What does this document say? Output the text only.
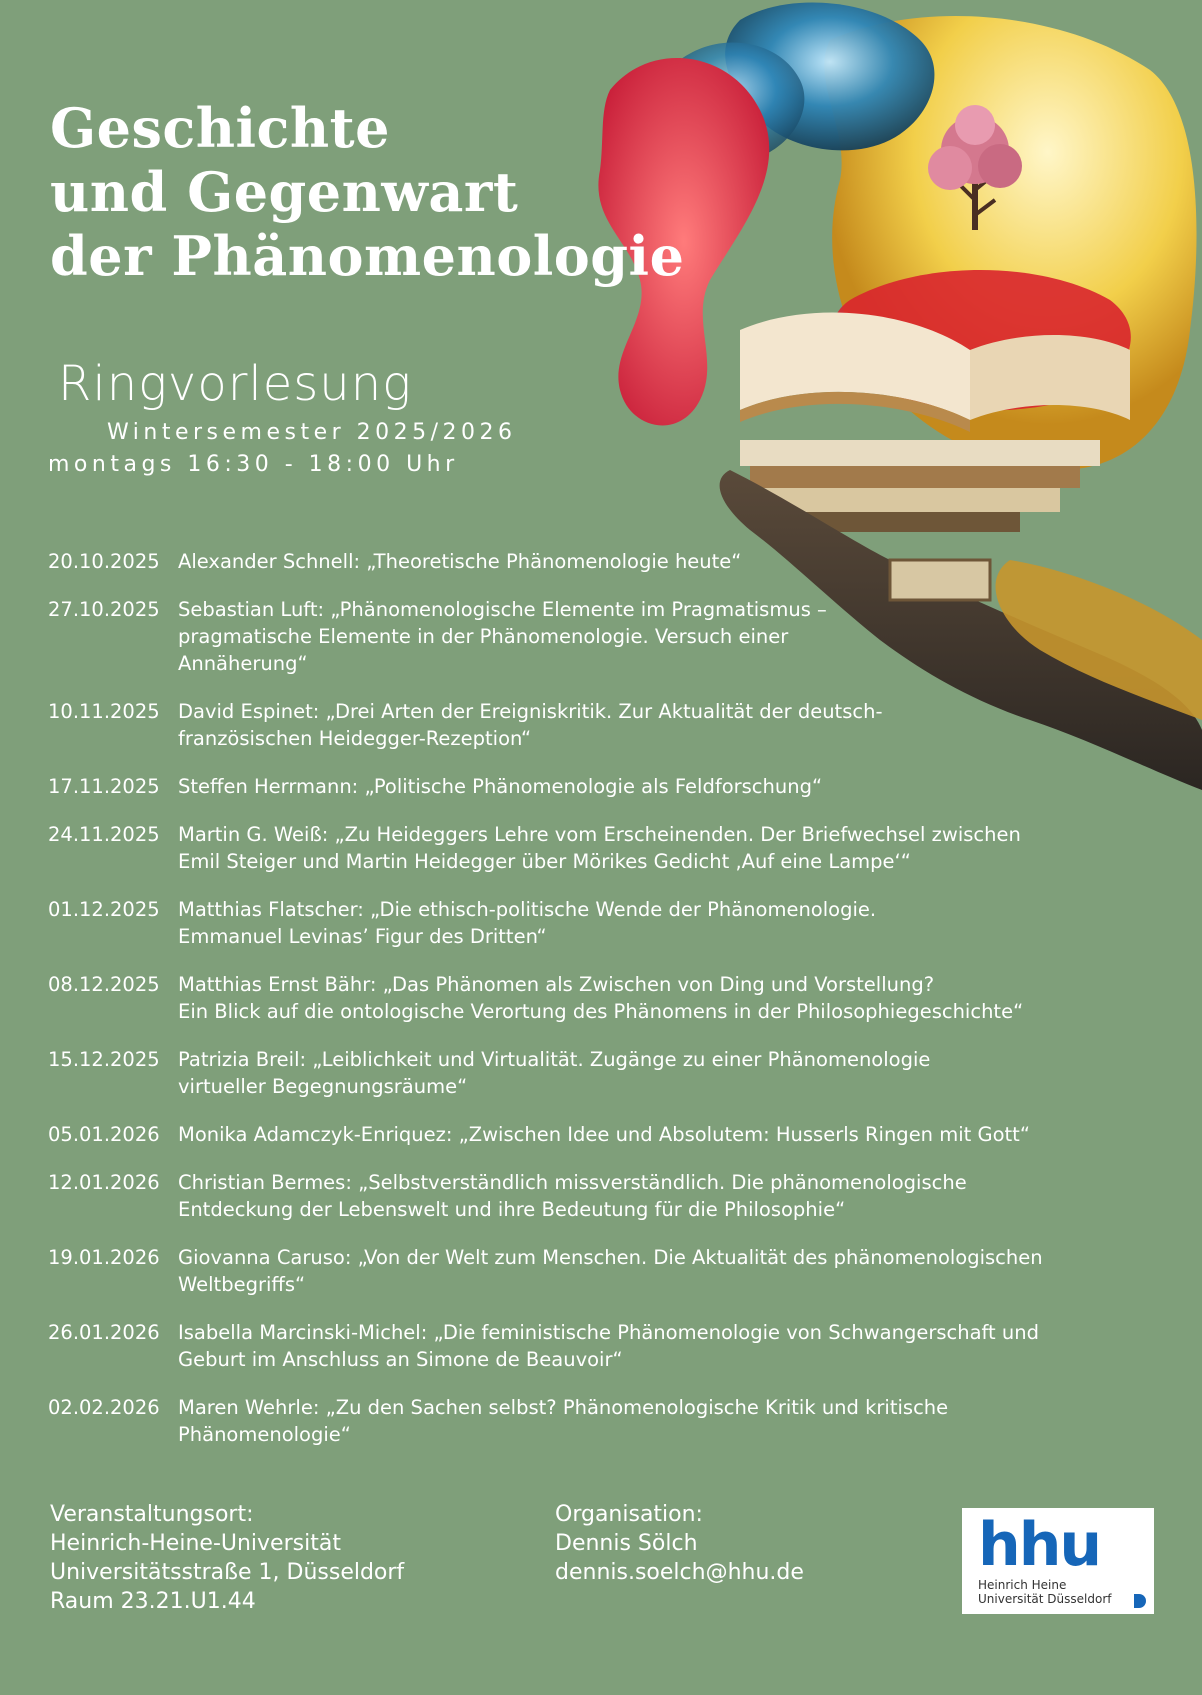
Geschichte
und Gegenwart
der Phänomenologie
Ringvorlesung
Wintersemester 2025/2026
montags 16:30 - 18:00 Uhr
20.10.2025 Alexander Schnell: „Theoretische Phänomenologie heute“
27.10.2025 Sebastian Luft: „Phänomenologische Elemente im Pragmatismus –
pragmatische Elemente in der Phänomenologie. Versuch einer
Annäherung“
10.11.2025 David Espinet: „Drei Arten der Ereigniskritik. Zur Aktualität der deutsch-
französischen Heidegger-Rezeption“
17.11.2025 Steffen Herrmann: „Politische Phänomenologie als Feldforschung“
24.11.2025 Martin G. Weiß: „Zu Heideggers Lehre vom Erscheinenden. Der Briefwechsel zwischen
Emil Steiger und Martin Heidegger über Mörikes Gedicht ‚Auf eine Lampe‘“
01.12.2025 Matthias Flatscher: „Die ethisch-politische Wende der Phänomenologie.
Emmanuel Levinas’ Figur des Dritten“
08.12.2025 Matthias Ernst Bähr: „Das Phänomen als Zwischen von Ding und Vorstellung?
Ein Blick auf die ontologische Verortung des Phänomens in der Philosophiegeschichte“
15.12.2025 Patrizia Breil: „Leiblichkeit und Virtualität. Zugänge zu einer Phänomenologie
virtueller Begegnungsräume“
05.01.2026 Monika Adamczyk-Enriquez: „Zwischen Idee und Absolutem: Husserls Ringen mit Gott“
12.01.2026 Christian Bermes: „Selbstverständlich missverständlich. Die phänomenologische
Entdeckung der Lebenswelt und ihre Bedeutung für die Philosophie“
19.01.2026 Giovanna Caruso: „Von der Welt zum Menschen. Die Aktualität des phänomenologischen
Weltbegriffs“
26.01.2026 Isabella Marcinski-Michel: „Die feministische Phänomenologie von Schwangerschaft und
Geburt im Anschluss an Simone de Beauvoir“
02.02.2026 Maren Wehrle: „Zu den Sachen selbst? Phänomenologische Kritik und kritische
Phänomenologie“
Veranstaltungsort:
Heinrich-Heine-Universität
Universitätsstraße 1, Düsseldorf
Raum 23.21.U1.44
Organisation:
Dennis Sölch
dennis.soelch@hhu.de	hhu
Heinrich Heine
Universität Düsseldorf
